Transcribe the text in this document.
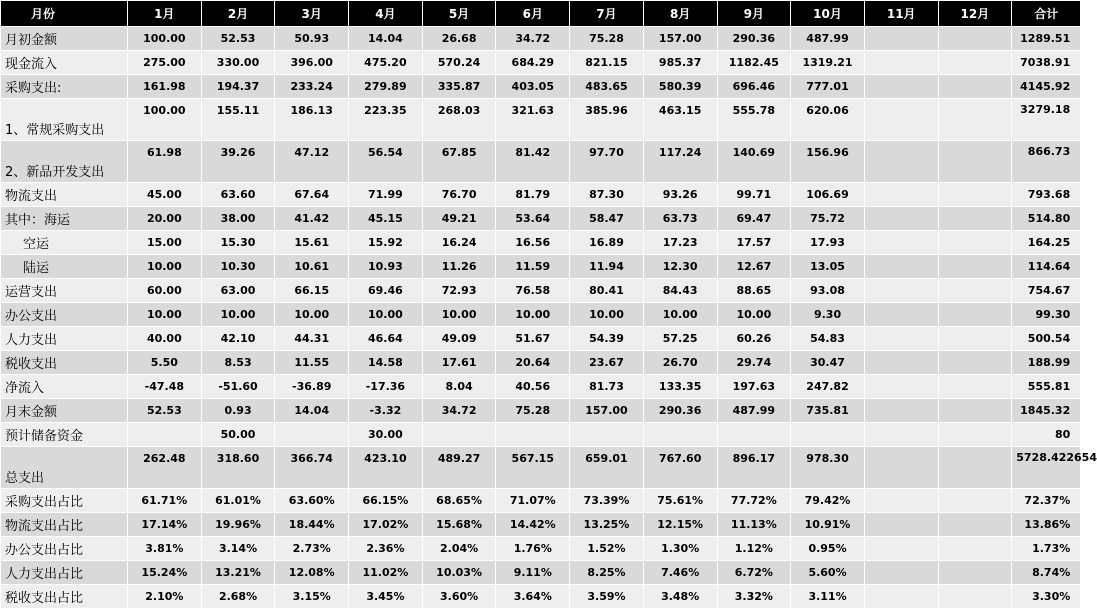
月份	1月	2月	3月	4月	5月	6月	7月	8月	9月	10月	11月	12月	合计
月初金额	100.00	52.53	50.93	14.04	26.68	34.72	75.28	157.00	290.36	487.99			1289.51
现金流入	275.00	330.00	396.00	475.20	570.24	684.29	821.15	985.37	1182.45	1319.21			7038.91
采购支出:	161.98	194.37	233.24	279.89	335.87	403.05	483.65	580.39	696.46	777.01			4145.92
1、常规采购支出	100.00	155.11	186.13	223.35	268.03	321.63	385.96	463.15	555.78	620.06			3279.18
2、新品开发支出	61.98	39.26	47.12	56.54	67.85	81.42	97.70	117.24	140.69	156.96			866.73
物流支出	45.00	63.60	67.64	71.99	76.70	81.79	87.30	93.26	99.71	106.69			793.68
其中：海运	20.00	38.00	41.42	45.15	49.21	53.64	58.47	63.73	69.47	75.72			514.80
空运	15.00	15.30	15.61	15.92	16.24	16.56	16.89	17.23	17.57	17.93			164.25
陆运	10.00	10.30	10.61	10.93	11.26	11.59	11.94	12.30	12.67	13.05			114.64
运营支出	60.00	63.00	66.15	69.46	72.93	76.58	80.41	84.43	88.65	93.08			754.67
办公支出	10.00	10.00	10.00	10.00	10.00	10.00	10.00	10.00	10.00	9.30			99.30
人力支出	40.00	42.10	44.31	46.64	49.09	51.67	54.39	57.25	60.26	54.83			500.54
税收支出	5.50	8.53	11.55	14.58	17.61	20.64	23.67	26.70	29.74	30.47			188.99
净流入	-47.48	-51.60	-36.89	-17.36	8.04	40.56	81.73	133.35	197.63	247.82			555.81
月末金额	52.53	0.93	14.04	-3.32	34.72	75.28	157.00	290.36	487.99	735.81			1845.32
预计储备资金		50.00		30.00									80
总支出	262.48	318.60	366.74	423.10	489.27	567.15	659.01	767.60	896.17	978.30			5728.422654
采购支出占比	61.71%	61.01%	63.60%	66.15%	68.65%	71.07%	73.39%	75.61%	77.72%	79.42%			72.37%
物流支出占比	17.14%	19.96%	18.44%	17.02%	15.68%	14.42%	13.25%	12.15%	11.13%	10.91%			13.86%
办公支出占比	3.81%	3.14%	2.73%	2.36%	2.04%	1.76%	1.52%	1.30%	1.12%	0.95%			1.73%
人力支出占比	15.24%	13.21%	12.08%	11.02%	10.03%	9.11%	8.25%	7.46%	6.72%	5.60%			8.74%
税收支出占比	2.10%	2.68%	3.15%	3.45%	3.60%	3.64%	3.59%	3.48%	3.32%	3.11%			3.30%
